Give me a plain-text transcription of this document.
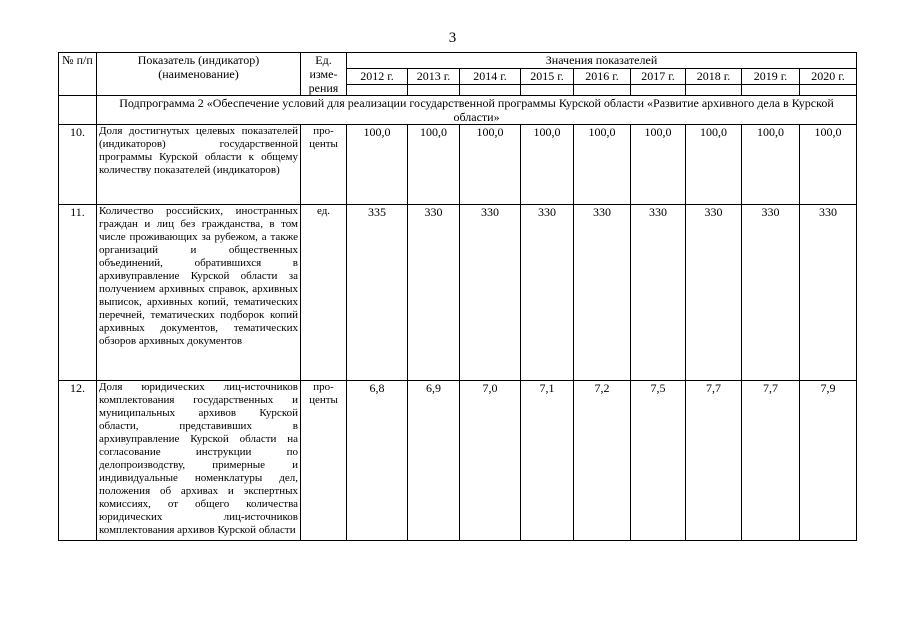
3
№ п/п	Показатель (индикатор) (наименование)	Ед. изме-рения	Значения показателей								
			2012 г.	2013 г.	2014 г.	2015 г.	2016 г.	2017 г.	2018 г.	2019 г.	2020 г.

	Подпрограмма 2 «Обеспечение условий для реализации государственной программы Курской области «Развитие архивного дела в Курской области»										
10.	Доля достигнутых целевых показателей (индикаторов) государственной программы Курской области к общему количеству показателей (индикаторов)	про-центы	100,0	100,0	100,0	100,0	100,0	100,0	100,0	100,0	100,0
11.	Количество российских, иностранных граждан и лиц без гражданства, в том числе проживающих за рубежом, а также организаций и общественных объединений, обратившихся в архивуправление Курской области за получением архивных справок, архивных выписок, архивных копий, тематических перечней, тематических подборок копий архивных документов, тематических обзоров архивных документов	ед.	335	330	330	330	330	330	330	330	330
12.	Доля юридических лиц-источников комплектования государственных и муниципальных архивов Курской области, представивших в архивуправление Курской области на согласование инструкции по делопроизводству, примерные и индивидуальные номенклатуры дел, положения об архивах и экспертных комиссиях, от общего количества юридических лиц-источников комплектования архивов Курской области	про-центы	6,8	6,9	7,0	7,1	7,2	7,5	7,7	7,7	7,9
